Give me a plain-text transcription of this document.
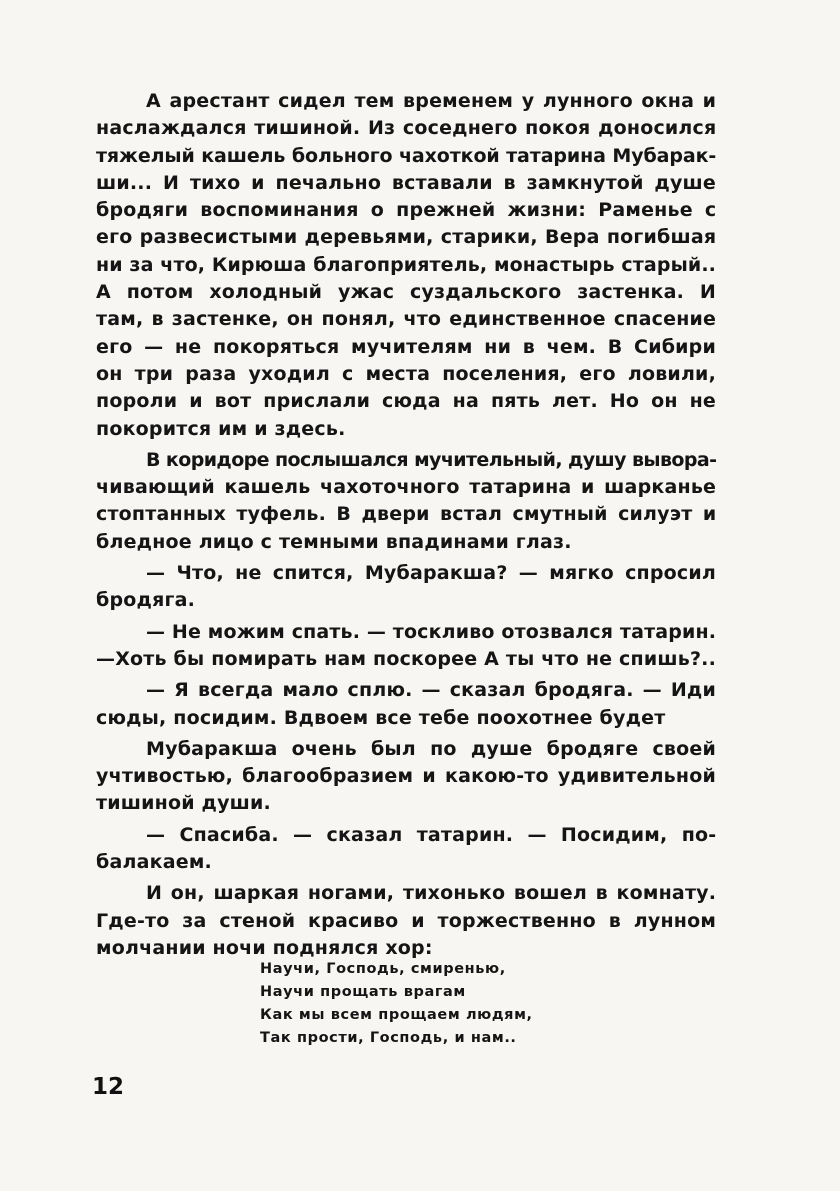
А арестант сидел тем временем у лунного окна и
наслаждался тишиной. Из соседнего покоя доносился
тяжелый кашель больного чахоткой татарина Мубарак-
ши... И тихо и печально вставали в замкнутой душе
бродяги воспоминания о прежней жизни: Раменье с
его развесистыми деревьями, старики, Вера погибшая
ни за что, Кирюша благоприятель, монастырь старый..
А потом холодный ужас суздальского застенка. И
там, в застенке, он понял, что единственное спасение
его — не покоряться мучителям ни в чем. В Сибири
он три раза уходил с места поселения, его ловили,
пороли и вот прислали сюда на пять лет. Но он не
покорится им и здесь.
В коридоре послышался мучительный, душу вывора-
чивающий кашель чахоточного татарина и шарканье
стоптанных туфель. В двери встал смутный силуэт и
бледное лицо с темными впадинами глаз.
— Что, не спится, Мубаракша? — мягко спросил
бродяга.
— Не можим спать. — тоскливо отозвался татарин.
—Хоть бы помирать нам поскорее А ты что не спишь?..
— Я всегда мало сплю. — сказал бродяга. — Иди
сюды, посидим. Вдвоем все тебе поохотнее будет
Мубаракша очень был по душе бродяге своей
учтивостью, благообразием и какою-то удивительной
тишиной души.
— Спасиба. — сказал татарин. — Посидим, по-
балакаем.
И он, шаркая ногами, тихонько вошел в комнату.
Где-то за стеной красиво и торжественно в лунном
молчании ночи поднялся хор:
Научи, Господь, смиренью,
Научи прощать врагам
Как мы всем прощаем людям,
Так прости, Господь, и нам..
12
